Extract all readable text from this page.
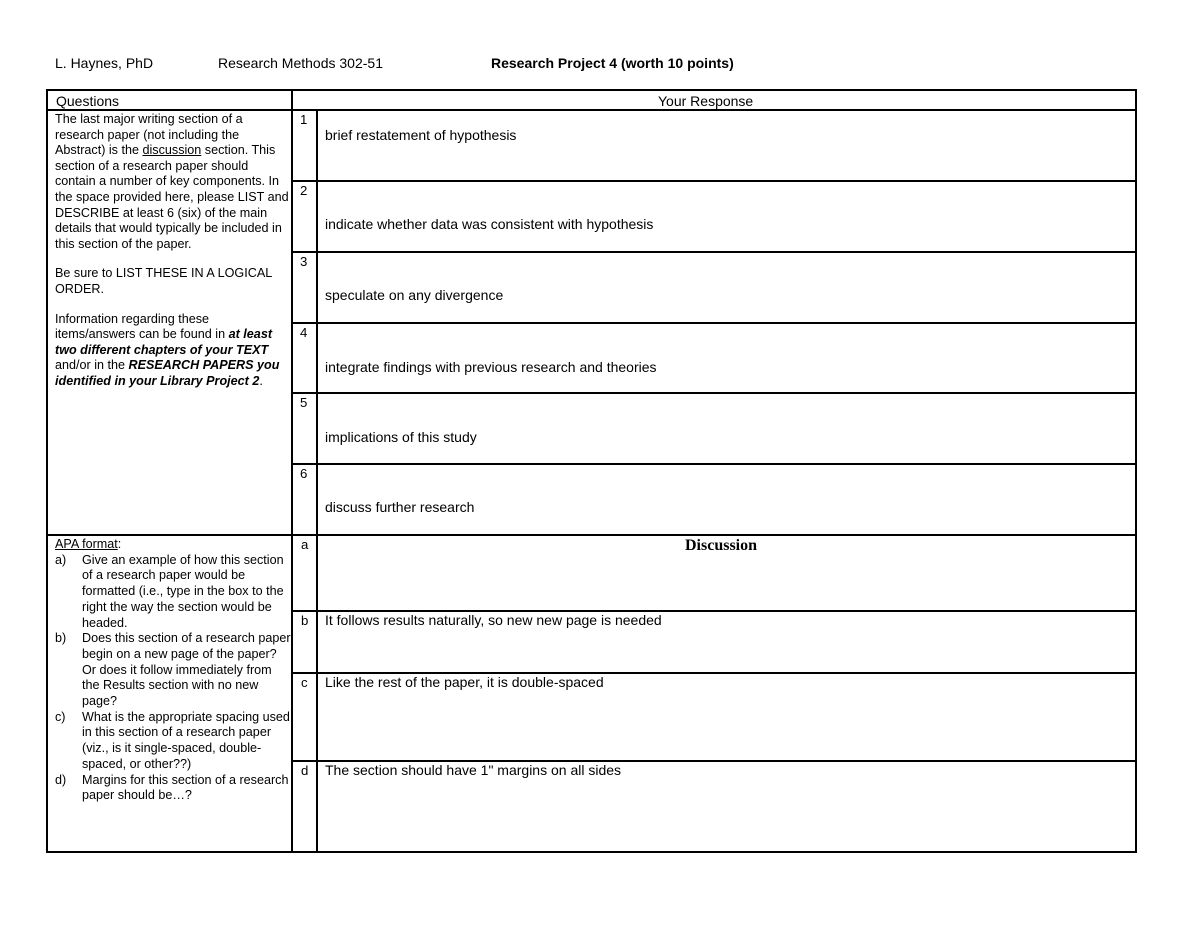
L. Haynes, PhD	Research Methods 302-51	Research Project 4 (worth 10 points)
Questions	Your Response

The last major writing section of a research paper (not including the Abstract) is the discussion section. This section of a research paper should contain a number of key components. In the space provided here, please LIST and DESCRIBE at least 6 (six) of the main details that would typically be included in this section of the paper.

Be sure to LIST THESE IN A LOGICAL ORDER.

Information regarding these items/answers can be found in at least two different chapters of your TEXT and/or in the RESEARCH PAPERS you identified in your Library Project 2.

1
brief restatement of hypothesis
2
indicate whether data was consistent with hypothesis
3
speculate on any divergence
4
integrate findings with previous research and theories
5
implications of this study
6
discuss further research
APA format:
a) Give an example of how this section of a research paper would be formatted (i.e., type in the box to the right the way the section would be headed.
b) Does this section of a research paper begin on a new page of the paper? Or does it follow immediately from the Results section with no new page?
c) What is the appropriate spacing used in this section of a research paper (viz., is it single-spaced, double-spaced, or other??)
d) Margins for this section of a research paper should be…?
a	Discussion
b It follows results naturally, so new new page is needed
c Like the rest of the paper, it is double-spaced
d The section should have 1" margins on all sides
